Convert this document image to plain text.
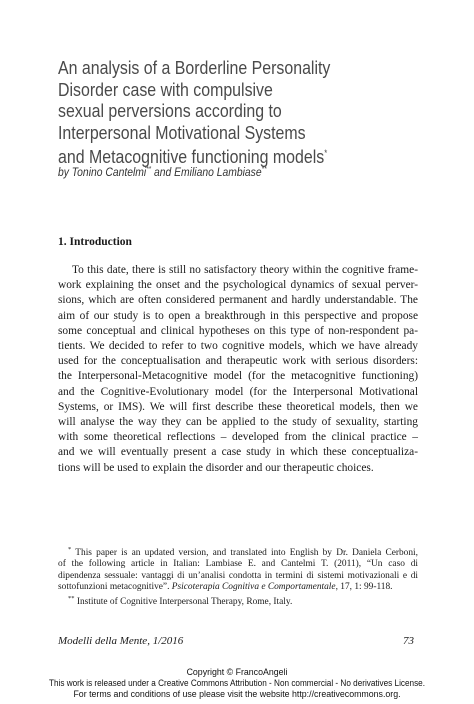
An analysis of a Borderline Personality
Disorder case with compulsive
sexual perversions according to
Interpersonal Motivational Systems
and Metacognitive functioning models*
by Tonino Cantelmi** and Emiliano Lambiase**
1. Introduction
To this date, there is still no satisfactory theory within the cognitive frame-
work explaining the onset and the psychological dynamics of sexual perver-
sions, which are often considered permanent and hardly understandable. The
aim of our study is to open a breakthrough in this perspective and propose
some conceptual and clinical hypotheses on this type of non-respondent pa-
tients. We decided to refer to two cognitive models, which we have already
used for the conceptualisation and therapeutic work with serious disorders:
the Interpersonal-Metacognitive model (for the metacognitive functioning)
and the Cognitive-Evolutionary model (for the Interpersonal Motivational
Systems, or IMS). We will first describe these theoretical models, then we
will analyse the way they can be applied to the study of sexuality, starting
with some theoretical reflections – developed from the clinical practice –
and we will eventually present a case study in which these conceptualiza-
tions will be used to explain the disorder and our therapeutic choices.
* This paper is an updated version, and translated into English by Dr. Daniela Cerboni,
of the following article in Italian: Lambiase E. and Cantelmi T. (2011), “Un caso di
dipendenza sessuale: vantaggi di un’analisi condotta in termini di sistemi motivazionali e di
sottofunzioni metacognitive”. Psicoterapia Cognitiva e Comportamentale, 17, 1: 99-118.
** Institute of Cognitive Interpersonal Therapy, Rome, Italy.
Modelli della Mente, 1/2016	73
Copyright © FrancoAngeli
This work is released under a Creative Commons Attribution - Non commercial - No derivatives License.
For terms and conditions of use please visit the website http://creativecommons.org.
